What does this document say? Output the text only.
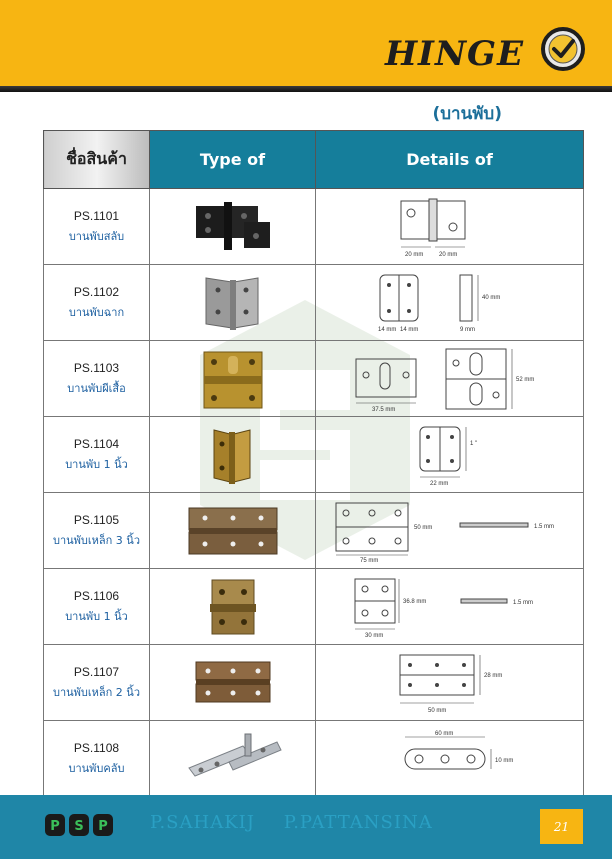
HINGE
(บานพับ)
ชื่อสินค้า	Type of	Details of

PS.1101
บานพับสลับ		20 mm 20 mm

PS.1102
บานพับฉาก		14 mm 14 mm
40 mm
9 mm

PS.1103
บานพับผีเสื้อ		37.5 mm
52 mm

PS.1104
บานพับ 1 นิ้ว		1 "
22 mm

PS.1105
บานพับเหล็ก 3 นิ้ว		50 mm
75 mm
1.5 mm

PS.1106
บานพับ 1 นิ้ว		36.8 mm
30 mm
1.5 mm

PS.1107
บานพับเหล็ก 2 นิ้ว		28 mm
50 mm

PS.1108
บานพับคลับ		60 mm
10 mm
P S P P.SAHAKIJ P.PATTANSINA	21
